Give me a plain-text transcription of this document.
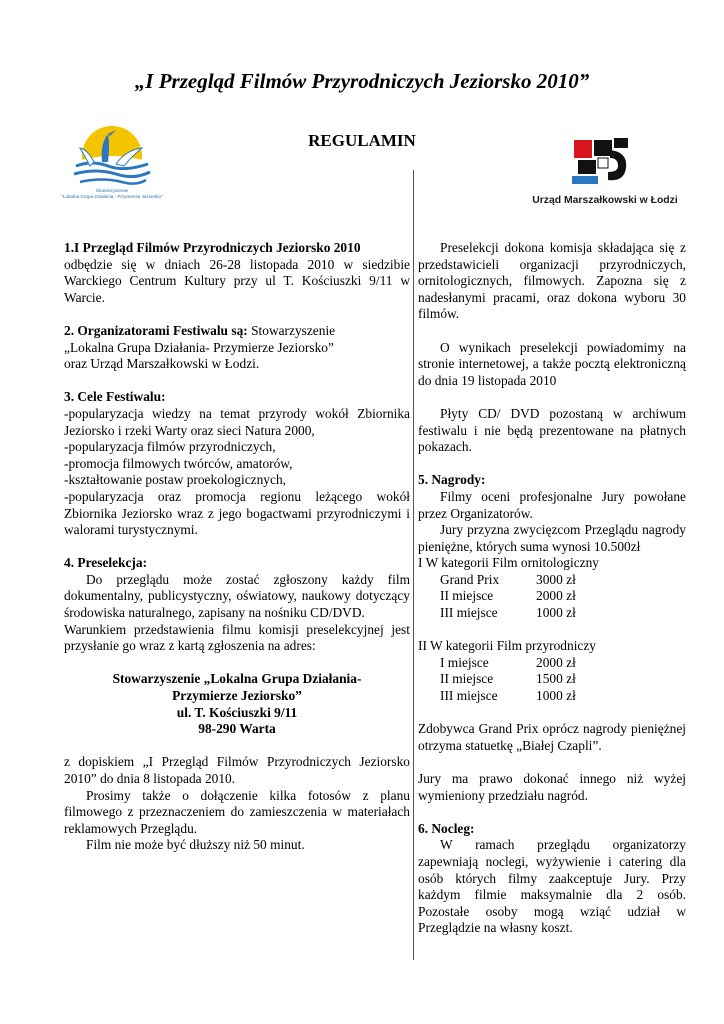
„I Przegląd Filmów Przyrodniczych Jeziorsko 2010”
REGULAMIN
Stowarzyszenie
"Lokalna Grupa Działania - Przymierze Jeziorsko"	Urząd Marszałkowski w Łodzi

1.I Przegląd Filmów Przyrodniczych Jeziorsko 2010

odbędzie się w dniach 26-28 listopada 2010 w siedzibie Warckiego Centrum Kultury przy ul T. Kościuszki 9/11 w Warcie.

2. Organizatorami Festiwalu są: Stowarzyszenie

„Lokalna Grupa Działania- Przymierze Jeziorsko”

oraz Urząd Marszałkowski w Łodzi.

3. Cele Festiwalu:

-popularyzacja wiedzy na temat przyrody wokół Zbiornika Jeziorsko i rzeki Warty oraz sieci Natura 2000,

-popularyzacja filmów przyrodniczych,

-promocja filmowych twórców, amatorów,

-kształtowanie postaw proekologicznych,

-popularyzacja oraz promocja regionu leżącego wokół Zbiornika Jeziorsko wraz z jego bogactwami przyrodniczymi i walorami turystycznymi.

4. Preselekcja:

Do przeglądu może zostać zgłoszony każdy film dokumentalny, publicystyczny, oświatowy, naukowy dotyczący środowiska naturalnego, zapisany na nośniku CD/DVD.

Warunkiem przedstawienia filmu komisji preselekcyjnej jest przysłanie go wraz z kartą zgłoszenia na adres:

Stowarzyszenie „Lokalna Grupa Działania-

Przymierze Jeziorsko”

ul. T. Kościuszki 9/11

98-290 Warta

z dopiskiem „I Przegląd Filmów Przyrodniczych Jeziorsko 2010” do dnia 8 listopada 2010.

Prosimy także o dołączenie kilka fotosów z planu filmowego z przeznaczeniem do zamieszczenia w materiałach reklamowych Przeglądu.

Film nie może być dłuższy niż 50 minut.

Preselekcji dokona komisja składająca się z przedstawicieli organizacji przyrodniczych, ornitologicznych, filmowych. Zapozna się z nadesłanymi pracami, oraz dokona wyboru 30 filmów.

O wynikach preselekcji powiadomimy na stronie internetowej, a także pocztą elektroniczną do dnia 19 listopada 2010

Płyty CD/ DVD pozostaną w archiwum festiwalu i nie będą prezentowane na płatnych pokazach.

5. Nagrody:

Filmy oceni profesjonalne Jury powołane przez Organizatorów.

Jury przyzna zwycięzcom Przeglądu nagrody pieniężne, których suma wynosi 10.500zł

I W kategorii Film ornitologiczny

Grand Prix	3000 zł
II miejsce	2000 zł
III miejsce	1000 zł

II W kategorii Film przyrodniczy

I miejsce	2000 zł
II miejsce	1500 zł
III miejsce	1000 zł

Zdobywca Grand Prix oprócz nagrody pieniężnej otrzyma statuetkę „Białej Czapli”.

Jury ma prawo dokonać innego niż wyżej wymieniony przedziału nagród.

6. Nocleg:

W ramach przeglądu organizatorzy zapewniają noclegi, wyżywienie i catering dla osób których filmy zaakceptuje Jury. Przy każdym filmie maksymalnie dla 2 osób. Pozostałe osoby mogą wziąć udział w Przeglądzie na własny koszt.
